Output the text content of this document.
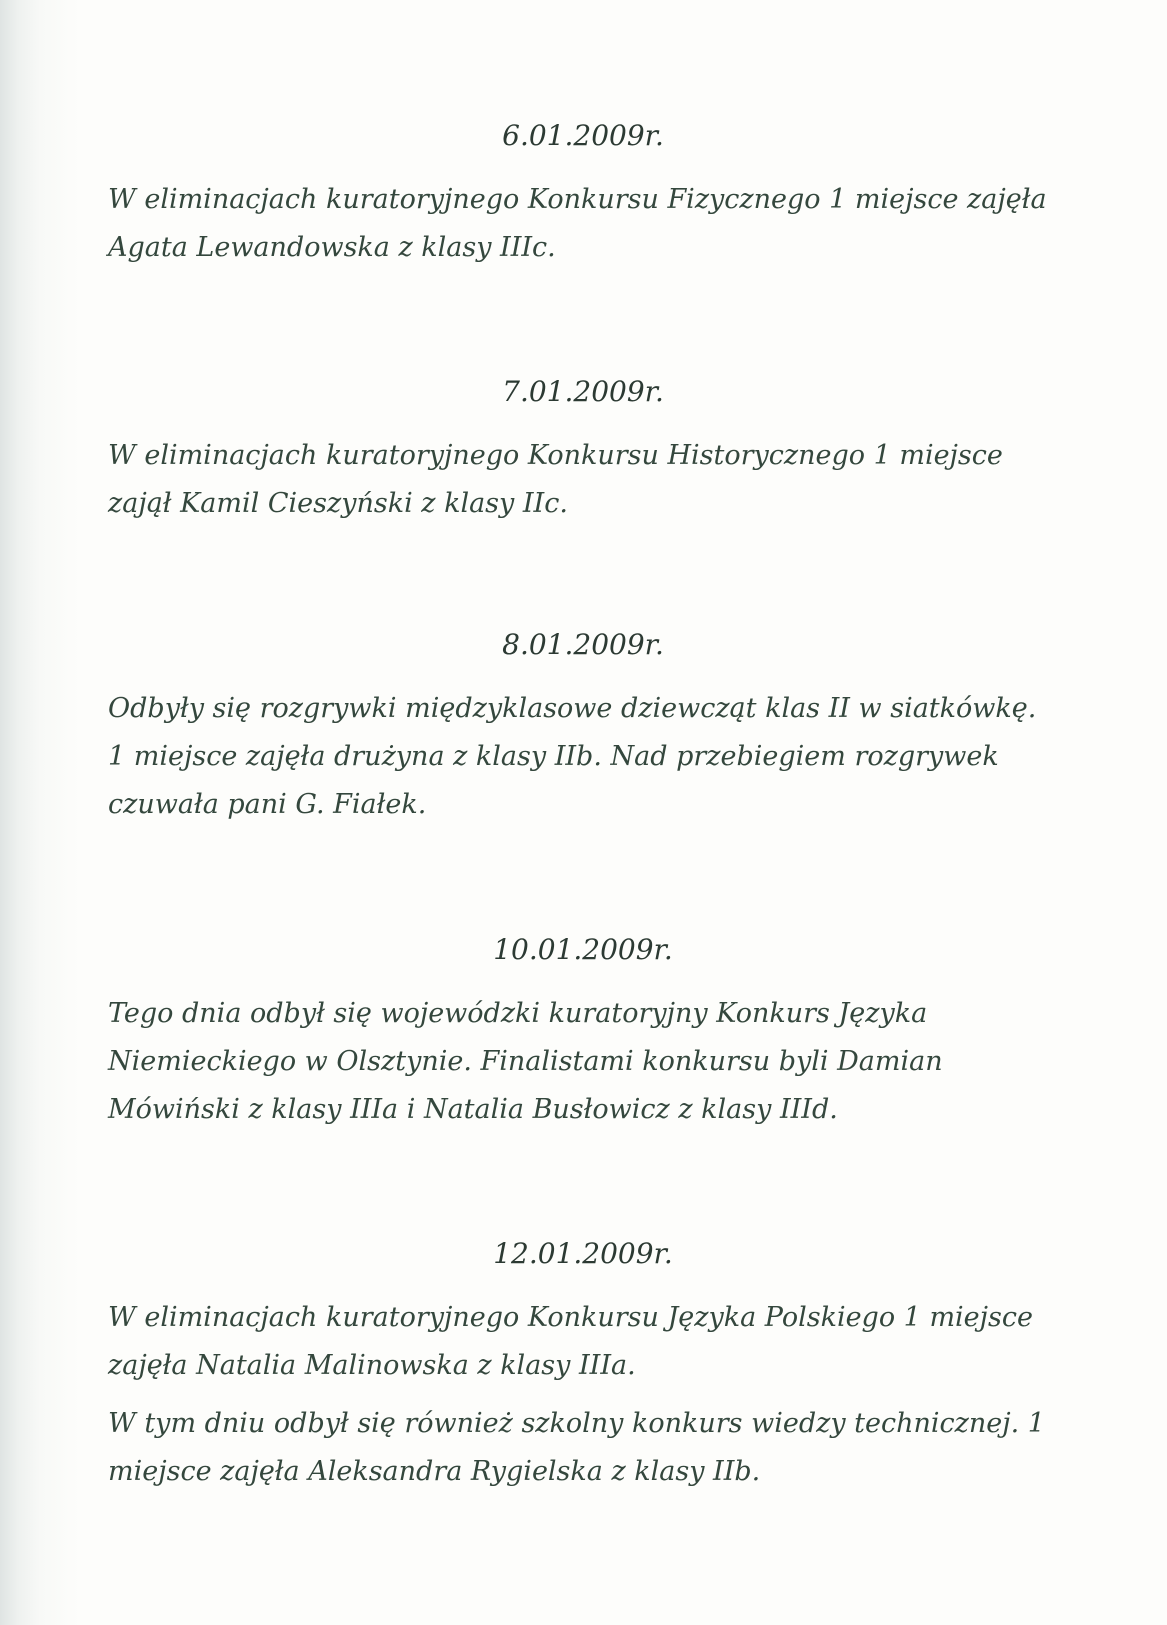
6.01.2009r.

W eliminacjach kuratoryjnego Konkursu Fizycznego 1 miejsce zajęła Agata Lewandowska z klasy IIIc.

7.01.2009r.

W eliminacjach kuratoryjnego Konkursu Historycznego 1 miejsce zajął Kamil Cieszyński z klasy IIc.

8.01.2009r.

Odbyły się rozgrywki międzyklasowe dziewcząt klas II w siatkówkę. 1 miejsce zajęła drużyna z klasy IIb. Nad przebiegiem rozgrywek czuwała pani G. Fiałek.

10.01.2009r.

Tego dnia odbył się wojewódzki kuratoryjny Konkurs Języka Niemieckiego w Olsztynie. Finalistami konkursu byli Damian Mówiński z klasy IIIa i Natalia Busłowicz z klasy IIId.

12.01.2009r.

W eliminacjach kuratoryjnego Konkursu Języka Polskiego 1 miejsce zajęła Natalia Malinowska z klasy IIIa.

W tym dniu odbył się również szkolny konkurs wiedzy technicznej. 1 miejsce zajęła Aleksandra Rygielska z klasy IIb.
